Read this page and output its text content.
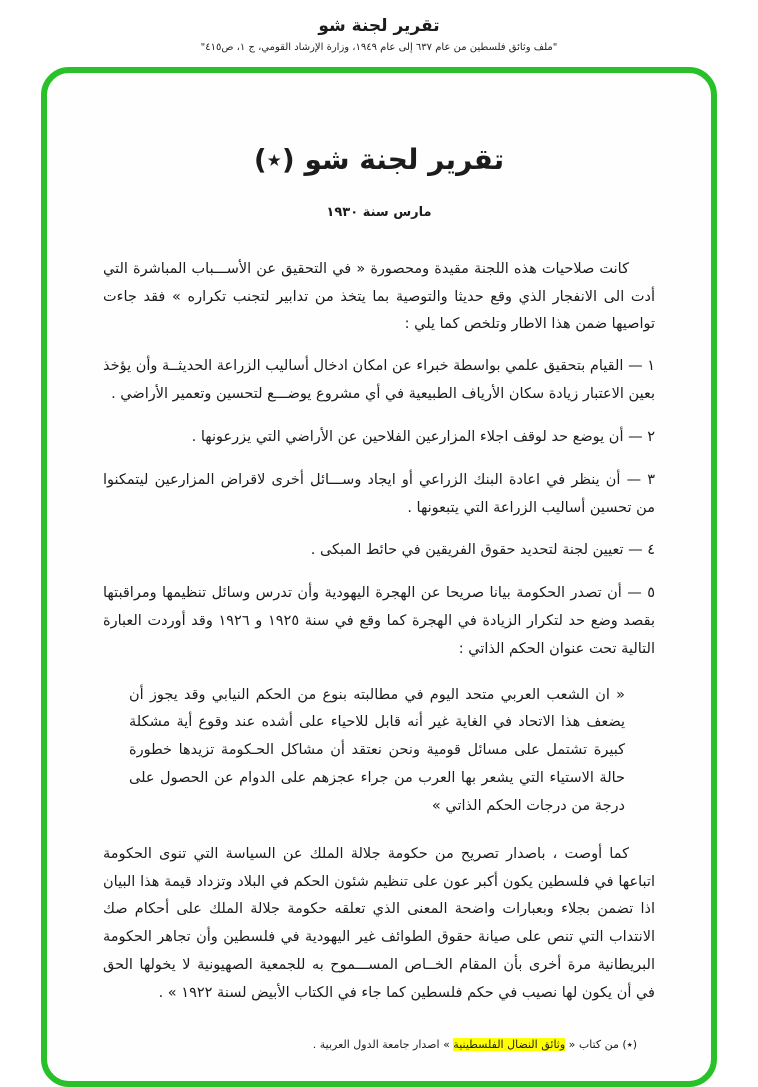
تقرير لجنة شو
"ملف وثائق فلسطين من عام ٦٣٧ إلى عام ١٩٤٩، وزارة الإرشاد القومي، ج ١، ص٤١٥"
تقرير لجنة شو (٭)
مارس سنة ١٩٣٠

كانت صلاحيات هذه اللجنة مقيدة ومحصورة « في التحقيق عن الأســـباب المباشرة التي أدت الى الانفجار الذي وقع حديثا والتوصية بما يتخذ من تدابير لتجنب تكراره » فقد جاءت تواصيها ضمن هذا الاطار وتلخص كما يلي :

١ — القيام بتحقيق علمي بواسطة خبراء عن امكان ادخال أساليب الزراعة الحديثــة وأن يؤخذ بعين الاعتبار زيادة سكان الأرياف الطبيعية في أي مشروع يوضـــع لتحسين وتعمير الأراضي .

٢ — أن يوضع حد لوقف اجلاء المزارعين الفلاحين عن الأراضي التي يزرعونها .

٣ — أن ينظر في اعادة البنك الزراعي أو ايجاد وســـائل أخرى لاقراض المزارعين ليتمكنوا من تحسين أساليب الزراعة التي يتبعونها .

٤ — تعيين لجنة لتحديد حقوق الفريقين في حائط المبكى .

٥ — أن تصدر الحكومة بيانا صريحا عن الهجرة اليهودية وأن تدرس وسائل تنظيمها ومراقبتها بقصد وضع حد لتكرار الزيادة في الهجرة كما وقع في سنة ١٩٢٥ و ١٩٢٦ وقد أوردت العبارة التالية تحت عنوان الحكم الذاتي :

« ان الشعب العربي متحد اليوم في مطالبته بنوع من الحكم النيابي وقد يجوز أن يضعف هذا الاتحاد في الغاية غير أنه قابل للاحياء على أشده عند وقوع أية مشكلة كبيرة تشتمل على مسائل قومية ونحن نعتقد أن مشاكل الحـكومة تزيدها خطورة حالة الاستياء التي يشعر بها العرب من جراء عجزهم على الدوام عن الحصول على درجة من درجات الحكم الذاتي »

كما أوصت ، باصدار تصريح من حكومة جلالة الملك عن السياسة التي تنوى الحكومة اتباعها في فلسطين يكون أكبر عون على تنظيم شئون الحكم في البلاد وتزداد قيمة هذا البيان اذا تضمن بجلاء وبعبارات واضحة المعنى الذي تعلقه حكومة جلالة الملك على أحكام صك الانتداب التي تنص على صيانة حقوق الطوائف غير اليهودية في فلسطين وأن تجاهر الحكومة البريطانية مرة أخرى بأن المقام الخــاص المســـموح به للجمعية الصهيونية لا يخولها الحق في أن يكون لها نصيب في حكم فلسطين كما جاء في الكتاب الأبيض لسنة ١٩٢٢ » .

(٭) من كتاب « وثائق النضال الفلسطينية » اصدار جامعة الدول العربية .
